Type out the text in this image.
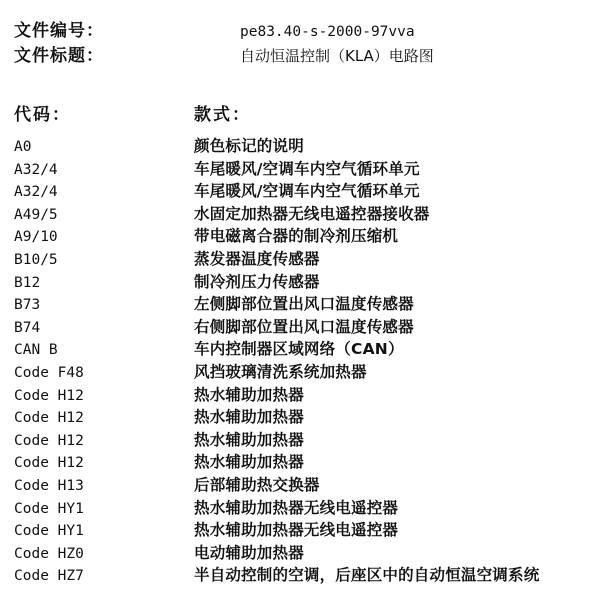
文件编号：	pe83.40-s-2000-97vva
文件标题：	自动恒温控制（KLA）电路图
代码：	款式：
A0	颜色标记的说明
A32/4	车尾暖风/空调车内空气循环单元
A32/4	车尾暖风/空调车内空气循环单元
A49/5	水固定加热器无线电遥控器接收器
A9/10	带电磁离合器的制冷剂压缩机
B10/5	蒸发器温度传感器
B12	制冷剂压力传感器
B73	左侧脚部位置出风口温度传感器
B74	右侧脚部位置出风口温度传感器
CAN B	车内控制器区域网络（CAN）
Code F48	风挡玻璃清洗系统加热器
Code H12	热水辅助加热器
Code H12	热水辅助加热器
Code H12	热水辅助加热器
Code H12	热水辅助加热器
Code H13	后部辅助热交换器
Code HY1	热水辅助加热器无线电遥控器
Code HY1	热水辅助加热器无线电遥控器
Code HZ0	电动辅助加热器
Code HZ7	半自动控制的空调，后座区中的自动恒温空调系统
